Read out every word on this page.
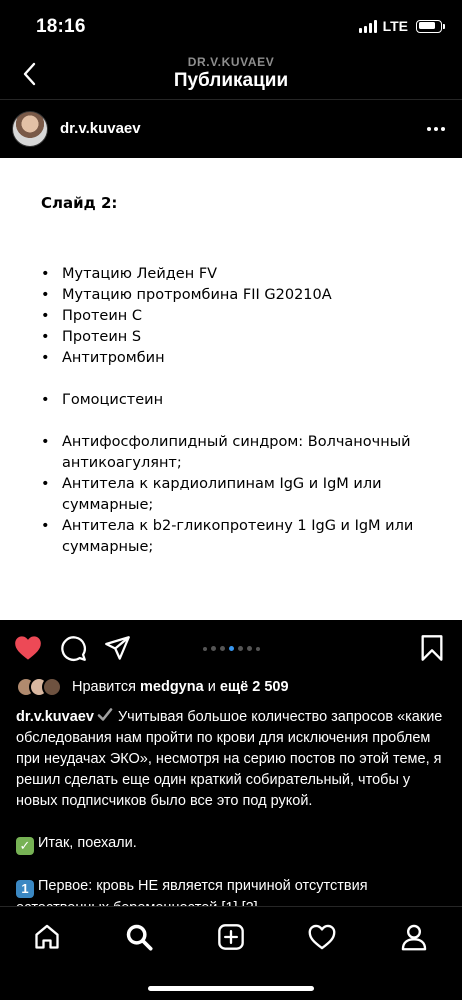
18:16	LTE
DR.V.KUVAEV
Публикации
dr.v.kuvaev
Слайд 2:
• Мутацию Лейден FV
• Мутацию протромбина FII G20210A
• Протеин С
• Протеин S
• Антитромбин
• Гомоцистеин
• Антифосфолипидный синдром: Волчаночный антикоагулянт;
• Антитела к кардиолипинам IgG и IgM или суммарные;
• Антитела к b2-гликопротеину 1 IgG и IgM или суммарные;
Нравится
medgyna
и
ещё 2 509

dr.v.kuvaev Учитывая большое количество запросов «какие обследования нам пройти по крови для исключения проблем при неудачах ЭКО», несмотря на серию постов по этой теме, я решил сделать еще один краткий собирательный, чтобы у новых подписчиков было все это под рукой.

✓ Итак, поехали.

1 Первое: кровь НЕ является причиной отсутствия
